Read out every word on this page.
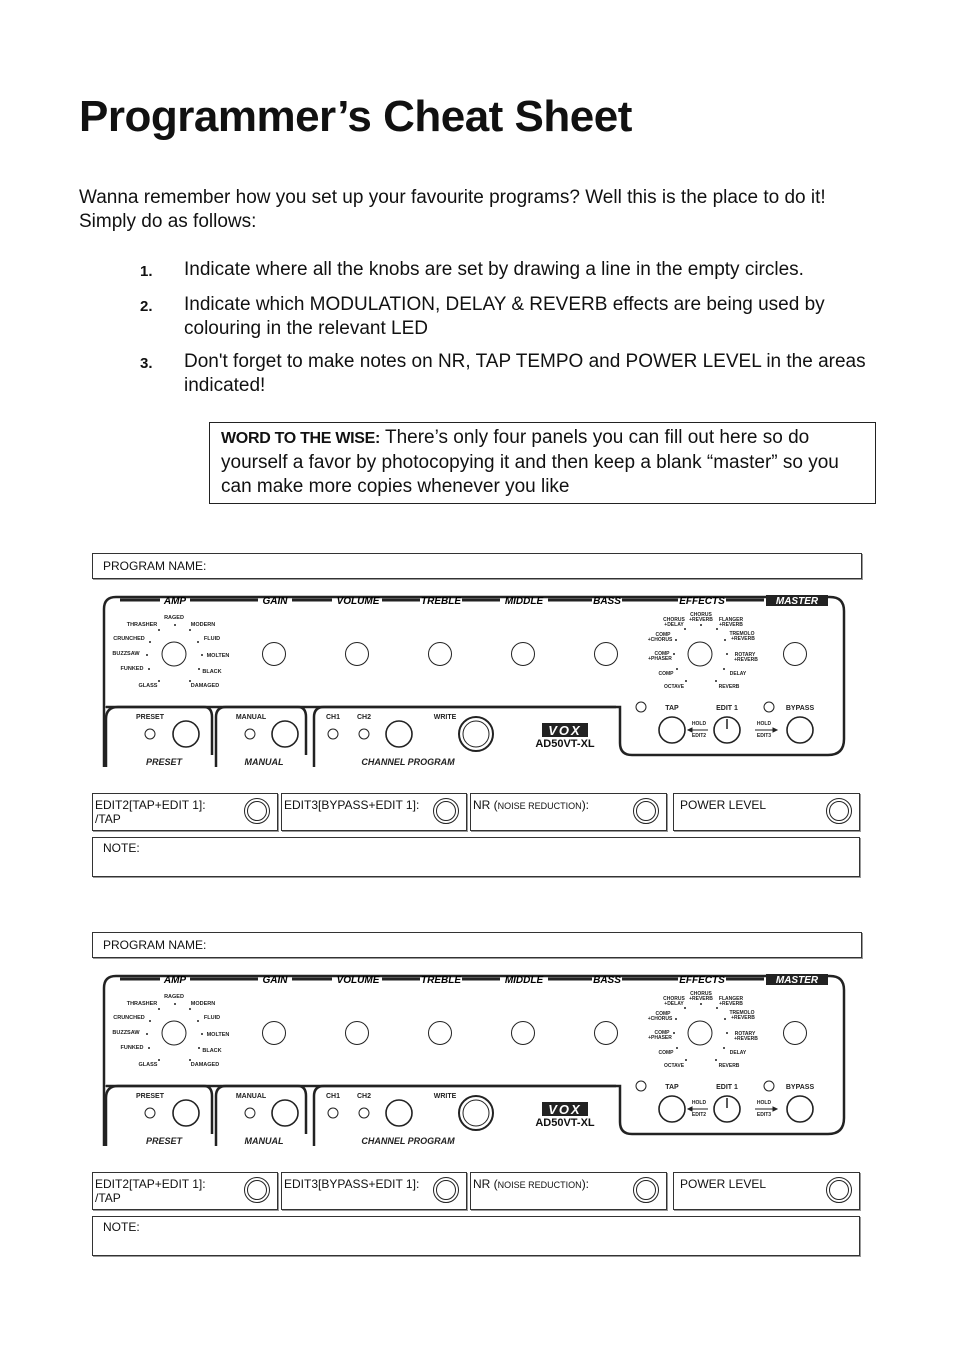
Programmer’s Cheat Sheet

Wanna remember how you set up your favourite programs? Well this is the place to do it! Simply do as follows:

1.	Indicate where all the knobs are set by drawing a line in the empty circles.
2.	Indicate which MODULATION, DELAY & REVERB effects are being used by colouring in the relevant LED
3.	Don't forget to make notes on NR, TAP TEMPO and POWER LEVEL in the areas indicated!
WORD TO THE WISE: There’s only four panels you can fill out here so do yourself a favor by photocopying it and then keep a blank “master” so you can make more copies whenever you like
PROGRAM NAME:
AMP	GAIN	VOLUME	TREBLE	MIDDLE	BASS	EFFECTS	MASTER
THRASHER
RAGED
MODERN
CRUNCHED	FLUID
BUZZSAW	MOLTEN
FUNKED	BLACK
GLASS	DAMAGED
CHORUS
+DELAY
CHORUS
+REVERB FLANGER
+REVERB
COMP
+CHORUS
TREMOLO
+REVERB
COMP
+PHASER
ROTARY
+REVERB
COMP	DELAY
OCTAVE	REVERB
PRESET	MANUAL	CH1 CH2	WRITE
TAP	EDIT 1	BYPASS
PRESET	MANUAL	CHANNEL PROGRAM
VOX
AD50VT-XL
HOLD
EDIT2
HOLD
EDIT3
EDIT2[TAP+EDIT 1]:
/TAP
EDIT3[BYPASS+EDIT 1]:	NR (NOISE REDUCTION):	POWER LEVEL
NOTE:
PROGRAM NAME:
AMP	GAIN	VOLUME	TREBLE	MIDDLE	BASS	EFFECTS	MASTER
THRASHER
RAGED
MODERN
CRUNCHED	FLUID
BUZZSAW	MOLTEN
FUNKED	BLACK
GLASS	DAMAGED
CHORUS
+DELAY
CHORUS
+REVERB FLANGER
+REVERB
COMP
+CHORUS
TREMOLO
+REVERB
COMP
+PHASER
ROTARY
+REVERB
COMP	DELAY
OCTAVE	REVERB
PRESET	MANUAL	CH1 CH2	WRITE
TAP	EDIT 1	BYPASS
PRESET	MANUAL	CHANNEL PROGRAM
VOX
AD50VT-XL
HOLD
EDIT2
HOLD
EDIT3
EDIT2[TAP+EDIT 1]:
/TAP
EDIT3[BYPASS+EDIT 1]:	NR (NOISE REDUCTION):	POWER LEVEL
NOTE:
